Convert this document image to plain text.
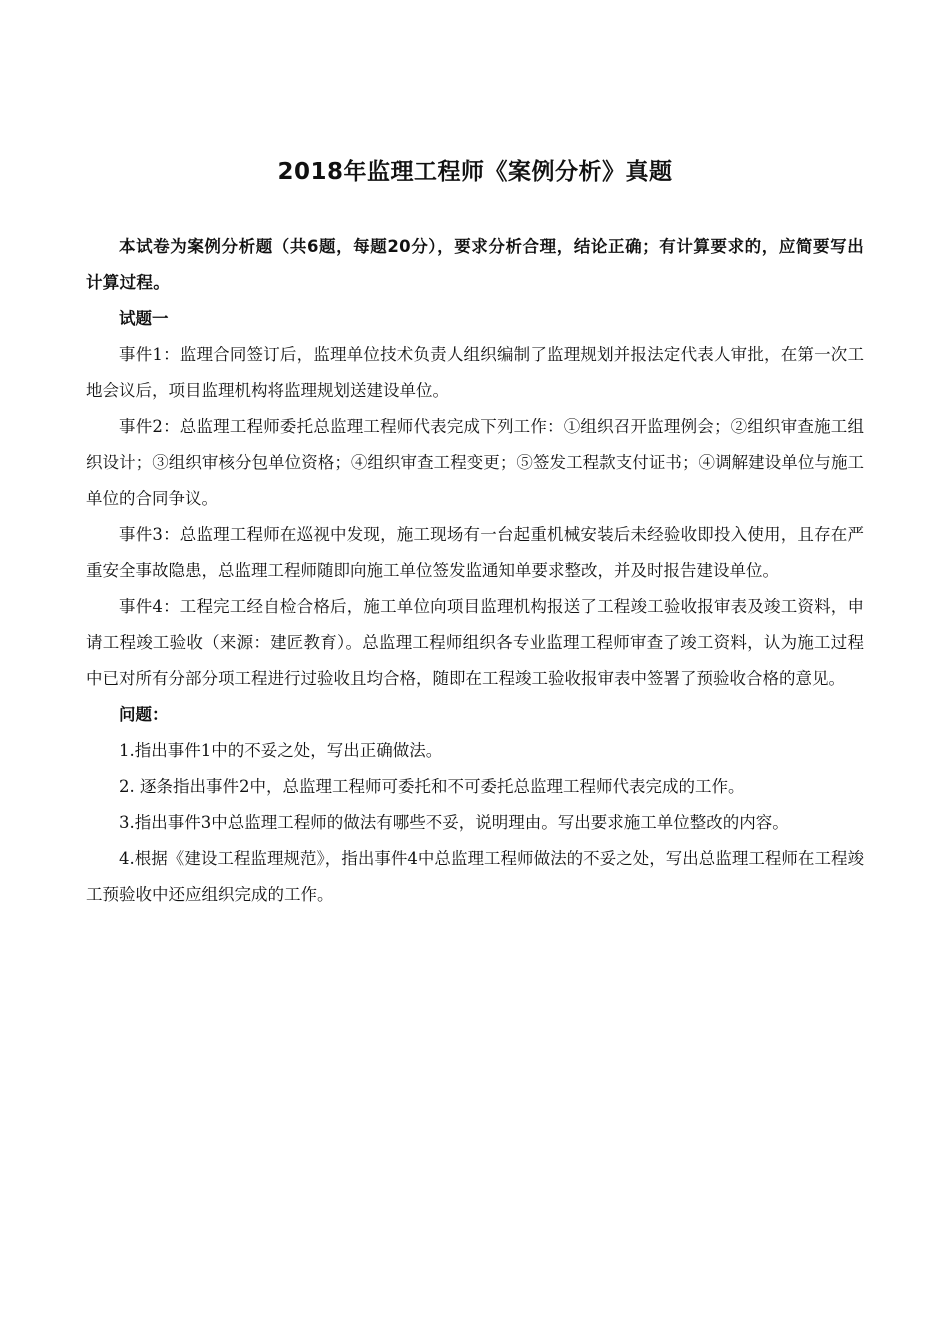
2018年监理工程师《案例分析》真题

本试卷为案例分析题（共6题，每题20分），要求分析合理，结论正确；有计算要求的，应简要写出计算过程。

试题一

事件1：监理合同签订后，监理单位技术负责人组织编制了监理规划并报法定代表人审批，在第一次工地会议后，项目监理机构将监理规划送建设单位。

事件2：总监理工程师委托总监理工程师代表完成下列工作：①组织召开监理例会；②组织审查施工组织设计；③组织审核分包单位资格；④组织审查工程变更；⑤签发工程款支付证书；④调解建设单位与施工单位的合同争议。

事件3：总监理工程师在巡视中发现，施工现场有一台起重机械安装后未经验收即投入使用，且存在严重安全事故隐患，总监理工程师随即向施工单位签发监通知单要求整改，并及时报告建设单位。

事件4：工程完工经自检合格后，施工单位向项目监理机构报送了工程竣工验收报审表及竣工资料，申请工程竣工验收（来源：建匠教育）。总监理工程师组织各专业监理工程师审查了竣工资料，认为施工过程中已对所有分部分项工程进行过验收且均合格，随即在工程竣工验收报审表中签署了预验收合格的意见。

问题：

1.指出事件1中的不妥之处，写出正确做法。

2. 逐条指出事件2中，总监理工程师可委托和不可委托总监理工程师代表完成的工作。

3.指出事件3中总监理工程师的做法有哪些不妥，说明理由。写出要求施工单位整改的内容。

4.根据《建设工程监理规范》，指出事件4中总监理工程师做法的不妥之处，写出总监理工程师在工程竣工预验收中还应组织完成的工作。
